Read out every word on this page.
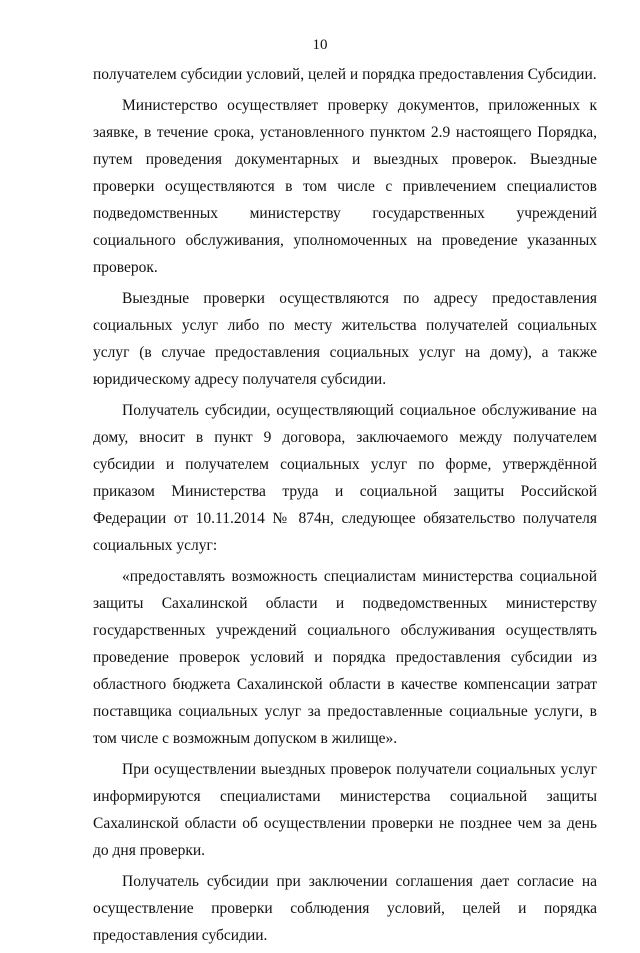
10

получателем субсидии условий, целей и порядка предоставления Субсидии.

Министерство осуществляет проверку документов, приложенных к заявке, в течение срока, установленного пунктом 2.9 настоящего Порядка, путем проведения документарных и выездных проверок. Выездные проверки осуществляются в том числе с привлечением специалистов подведомственных министерству государственных учреждений социального обслуживания, уполномоченных на проведение указанных проверок.

Выездные проверки осуществляются по адресу предоставления социальных услуг либо по месту жительства получателей социальных услуг (в случае предоставления социальных услуг на дому), а также юридическому адресу получателя субсидии.

Получатель субсидии, осуществляющий социальное обслуживание на дому, вносит в пункт 9 договора, заключаемого между получателем субсидии и получателем социальных услуг по форме, утверждённой приказом Министерства труда и социальной защиты Российской Федерации от 10.11.2014 № 874н, следующее обязательство получателя социальных услуг:

«предоставлять возможность специалистам министерства социальной защиты Сахалинской области и подведомственных министерству государственных учреждений социального обслуживания осуществлять проведение проверок условий и порядка предоставления субсидии из областного бюджета Сахалинской области в качестве компенсации затрат поставщика социальных услуг за предоставленные социальные услуги, в том числе с возможным допуском в жилище».

При осуществлении выездных проверок получатели социальных услуг информируются специалистами министерства социальной защиты Сахалинской области об осуществлении проверки не позднее чем за день до дня проверки.

Получатель субсидии при заключении соглашения дает согласие на осуществление проверки соблюдения условий, целей и порядка предоставления субсидии.
